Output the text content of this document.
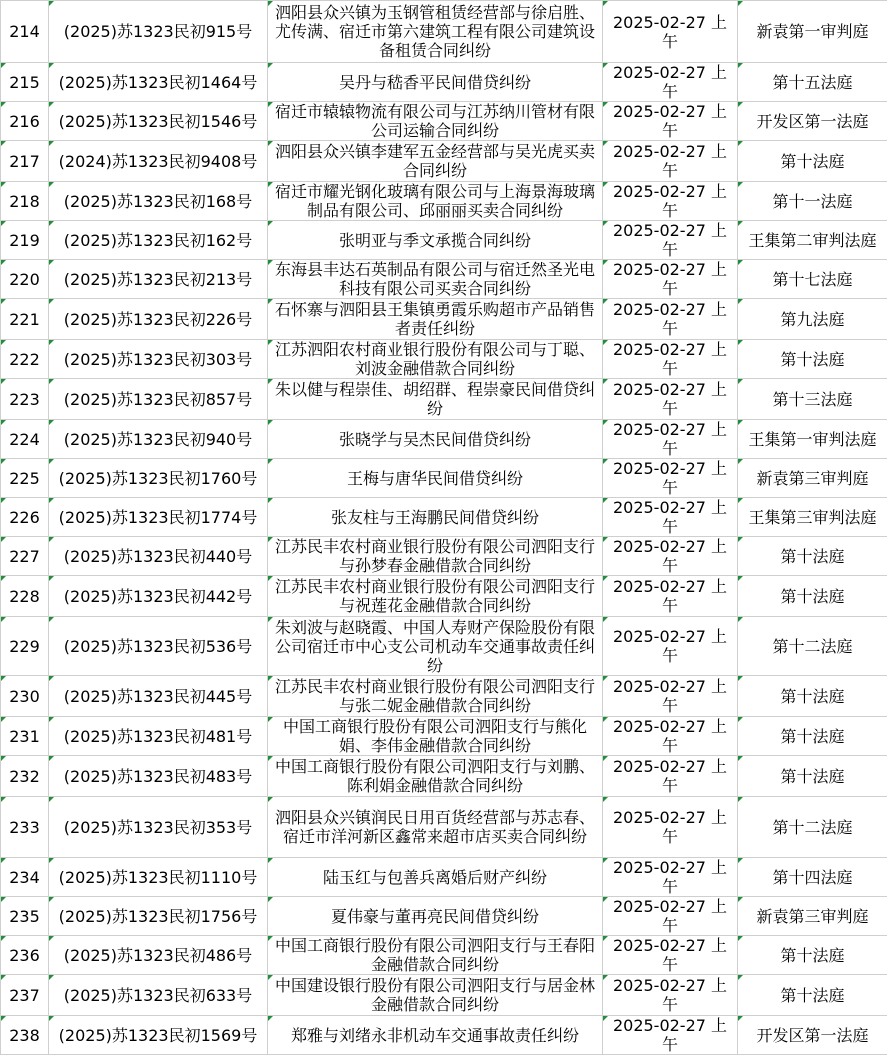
214	(2025)苏1323民初915号	泗阳县众兴镇为玉钢管租赁经营部与徐启胜、尤传满、宿迁市第六建筑工程有限公司建筑设备租赁合同纠纷	2025-02-27 上午	新袁第一审判庭
215	(2025)苏1323民初1464号	吴丹与嵇香平民间借贷纠纷	2025-02-27 上午	第十五法庭
216	(2025)苏1323民初1546号	宿迁市辕辕物流有限公司与江苏纳川管材有限公司运输合同纠纷	2025-02-27 上午	开发区第一法庭
217	(2024)苏1323民初9408号	泗阳县众兴镇李建军五金经营部与吴光虎买卖合同纠纷	2025-02-27 上午	第十法庭
218	(2025)苏1323民初168号	宿迁市耀光钢化玻璃有限公司与上海景海玻璃制品有限公司、邱丽丽买卖合同纠纷	2025-02-27 上午	第十一法庭
219	(2025)苏1323民初162号	张明亚与季文承揽合同纠纷	2025-02-27 上午	王集第二审判法庭
220	(2025)苏1323民初213号	东海县丰达石英制品有限公司与宿迁然圣光电科技有限公司买卖合同纠纷	2025-02-27 上午	第十七法庭
221	(2025)苏1323民初226号	石怀寨与泗阳县王集镇勇霞乐购超市产品销售者责任纠纷	2025-02-27 上午	第九法庭
222	(2025)苏1323民初303号	江苏泗阳农村商业银行股份有限公司与丁聪、刘波金融借款合同纠纷	2025-02-27 上午	第十法庭
223	(2025)苏1323民初857号	朱以健与程崇佳、胡绍群、程崇豪民间借贷纠纷	2025-02-27 上午	第十三法庭
224	(2025)苏1323民初940号	张晓学与吴杰民间借贷纠纷	2025-02-27 上午	王集第一审判法庭
225	(2025)苏1323民初1760号	王梅与唐华民间借贷纠纷	2025-02-27 上午	新袁第三审判庭
226	(2025)苏1323民初1774号	张友柱与王海鹏民间借贷纠纷	2025-02-27 上午	王集第三审判法庭
227	(2025)苏1323民初440号	江苏民丰农村商业银行股份有限公司泗阳支行与孙梦春金融借款合同纠纷	2025-02-27 上午	第十法庭
228	(2025)苏1323民初442号	江苏民丰农村商业银行股份有限公司泗阳支行与祝莲花金融借款合同纠纷	2025-02-27 上午	第十法庭
229	(2025)苏1323民初536号	朱刘波与赵晓霞、中国人寿财产保险股份有限公司宿迁市中心支公司机动车交通事故责任纠纷	2025-02-27 上午	第十二法庭
230	(2025)苏1323民初445号	江苏民丰农村商业银行股份有限公司泗阳支行与张二妮金融借款合同纠纷	2025-02-27 上午	第十法庭
231	(2025)苏1323民初481号	中国工商银行股份有限公司泗阳支行与熊化娟、李伟金融借款合同纠纷	2025-02-27 上午	第十法庭
232	(2025)苏1323民初483号	中国工商银行股份有限公司泗阳支行与刘鹏、陈利娟金融借款合同纠纷	2025-02-27 上午	第十法庭
233	(2025)苏1323民初353号	泗阳县众兴镇润民日用百货经营部与苏志春、宿迁市洋河新区鑫常来超市店买卖合同纠纷	2025-02-27 上午	第十二法庭
234	(2025)苏1323民初1110号	陆玉红与包善兵离婚后财产纠纷	2025-02-27 上午	第十四法庭
235	(2025)苏1323民初1756号	夏伟豪与董再亮民间借贷纠纷	2025-02-27 上午	新袁第三审判庭
236	(2025)苏1323民初486号	中国工商银行股份有限公司泗阳支行与王春阳金融借款合同纠纷	2025-02-27 上午	第十法庭
237	(2025)苏1323民初633号	中国建设银行股份有限公司泗阳支行与居金林金融借款合同纠纷	2025-02-27 上午	第十法庭
238	(2025)苏1323民初1569号	郑雅与刘绪永非机动车交通事故责任纠纷	2025-02-27 上午	开发区第一法庭
